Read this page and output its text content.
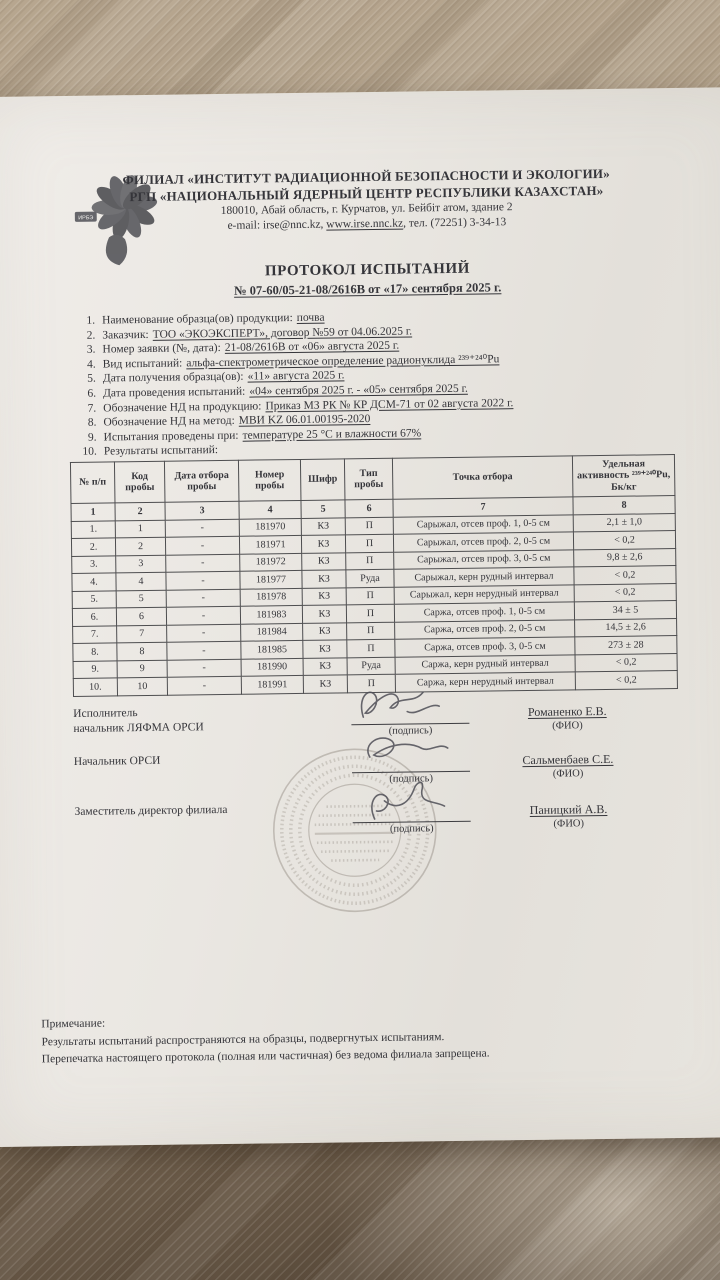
ИРБЭ
ФИЛИАЛ «ИНСТИТУТ РАДИАЦИОННОЙ БЕЗОПАСНОСТИ И ЭКОЛОГИИ»
РГП «НАЦИОНАЛЬНЫЙ ЯДЕРНЫЙ ЦЕНТР РЕСПУБЛИКИ КАЗАХСТАН»
180010, Абай область, г. Курчатов, ул. Бейбіт атом, здание 2
e-mail: irse@nnc.kz, www.irse.nnc.kz, тел. (72251) 3-34-13
ПРОТОКОЛ ИСПЫТАНИЙ
№ 07-60/05-21-08/2616В от «17» сентября 2025 г.
1. Наименование образца(ов) продукции: почва
2. Заказчик: ТОО «ЭКОЭКСПЕРТ», договор №59 от 04.06.2025 г.
3. Номер заявки (№, дата): 21-08/2616В от «06» августа 2025 г.
4. Вид испытаний: альфа-спектрометрическое определение радионуклида ²³⁹⁺²⁴⁰Pu
5. Дата получения образца(ов): «11» августа 2025 г.
6. Дата проведения испытаний: «04» сентября 2025 г. - «05» сентября 2025 г.
7. Обозначение НД на продукцию: Приказ МЗ РК № КР ДСМ-71 от 02 августа 2022 г.
8. Обозначение НД на метод: МВИ KZ 06.01.00195-2020
9. Испытания проведены при: температуре 25 °С и влажности 67%
10. Результаты испытаний:
№ п/п	Код пробы	Дата отбора пробы	Номер пробы	Шифр	Тип пробы	Точка отбора	Удельная активность ²³⁹⁺²⁴⁰Pu, Бк/кг
1	2	3	4	5	6	7	8
1.	1	-	181970	КЗ	П	Сарыжал, отсев проф. 1, 0-5 см	2,1 ± 1,0
2.	2	-	181971	КЗ	П	Сарыжал, отсев проф. 2, 0-5 см	< 0,2
3.	3	-	181972	КЗ	П	Сарыжал, отсев проф. 3, 0-5 см	9,8 ± 2,6
4.	4	-	181977	КЗ	Руда	Сарыжал, керн рудный интервал	< 0,2
5.	5	-	181978	КЗ	П	Сарыжал, керн нерудный интервал	< 0,2
6.	6	-	181983	КЗ	П	Саржа, отсев проф. 1, 0-5 см	34 ± 5
7.	7	-	181984	КЗ	П	Саржа, отсев проф. 2, 0-5 см	14,5 ± 2,6
8.	8	-	181985	КЗ	П	Саржа, отсев проф. 3, 0-5 см	273 ± 28
9.	9	-	181990	КЗ	Руда	Саржа, керн рудный интервал	< 0,2
10.	10	-	181991	КЗ	П	Саржа, керн нерудный интервал	< 0,2
Исполнитель
начальник ЛЯФМА ОРСИ	(подпись)
Романенко Е.В.
(ФИО)
Начальник ОРСИ
(подпись)
Сальменбаев С.Е.
(ФИО)
Заместитель директор филиала
(подпись)
Паницкий А.В.
(ФИО)
Примечание:
Результаты испытаний распространяются на образцы, подвергнутых испытаниям.
Перепечатка настоящего протокола (полная или частичная) без ведома филиала запрещена.
